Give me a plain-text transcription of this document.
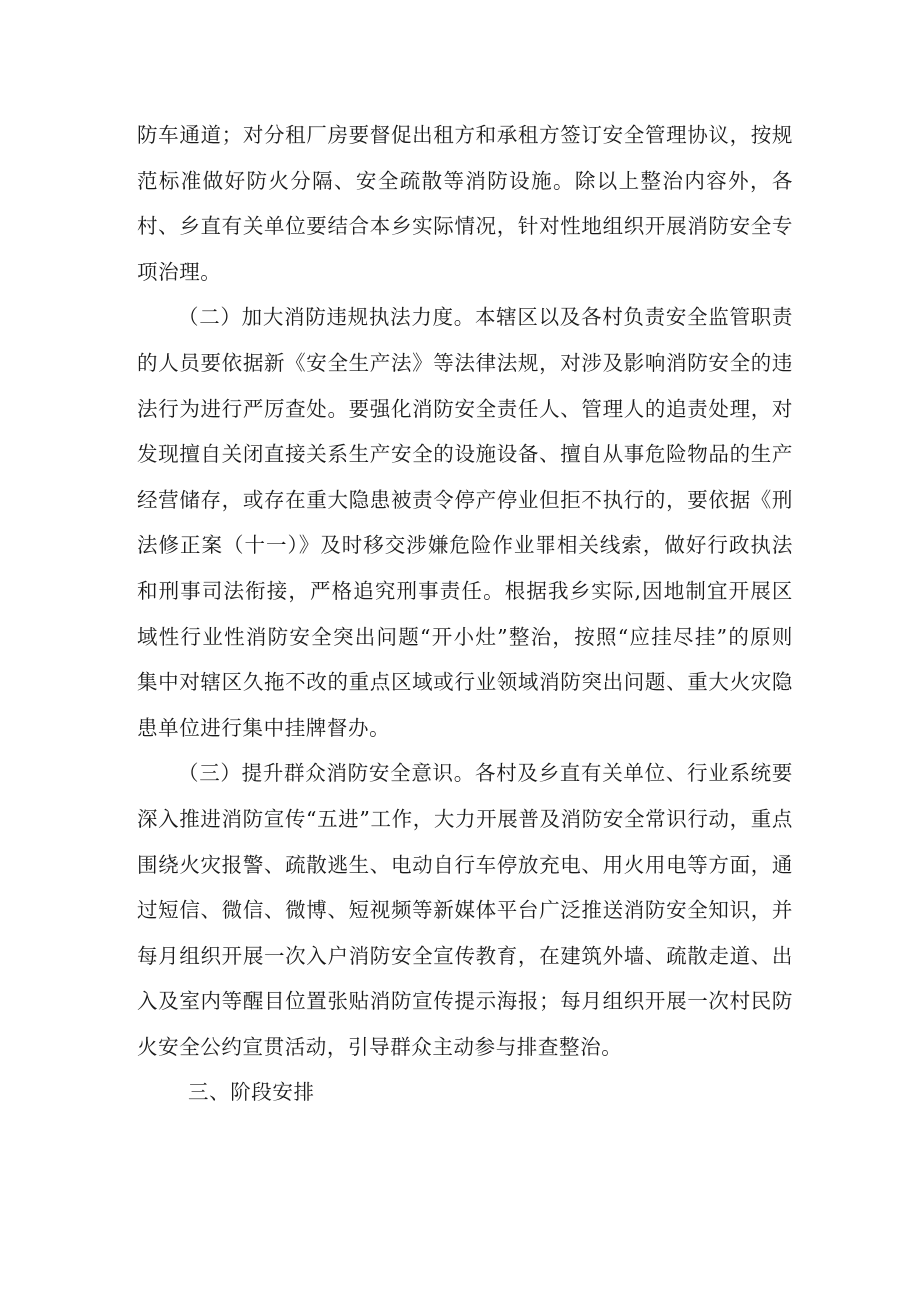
防车通道；对分租厂房要督促出租方和承租方签订安全管理协议，按规范标准做好防火分隔、安全疏散等消防设施。除以上整治内容外，各村、乡直有关单位要结合本乡实际情况，针对性地组织开展消防安全专项治理。

（二）加大消防违规执法力度。本辖区以及各村负责安全监管职责的人员要依据新《安全生产法》等法律法规，对涉及影响消防安全的违法行为进行严厉查处。要强化消防安全责任人、管理人的追责处理，对发现擅自关闭直接关系生产安全的设施设备、擅自从事危险物品的生产经营储存，或存在重大隐患被责令停产停业但拒不执行的，要依据《刑法修正案（十一）》及时移交涉嫌危险作业罪相关线索，做好行政执法和刑事司法衔接，严格追究刑事责任。根据我乡实际,因地制宜开展区域性行业性消防安全突出问题“开小灶”整治，按照“应挂尽挂”的原则集中对辖区久拖不改的重点区域或行业领域消防突出问题、重大火灾隐患单位进行集中挂牌督办。

（三）提升群众消防安全意识。各村及乡直有关单位、行业系统要深入推进消防宣传“五进”工作，大力开展普及消防安全常识行动，重点围绕火灾报警、疏散逃生、电动自行车停放充电、用火用电等方面，通过短信、微信、微博、短视频等新媒体平台广泛推送消防安全知识，并每月组织开展一次入户消防安全宣传教育，在建筑外墙、疏散走道、出入及室内等醒目位置张贴消防宣传提示海报；每月组织开展一次村民防火安全公约宣贯活动，引导群众主动参与排查整治。

三、阶段安排
